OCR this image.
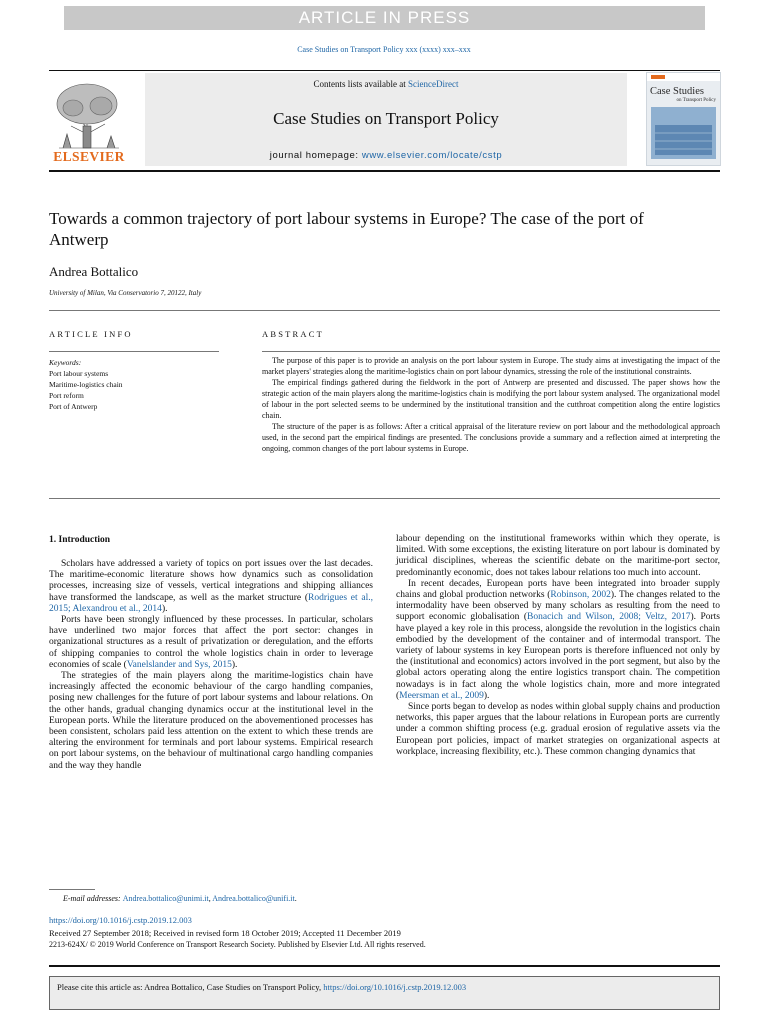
ARTICLE IN PRESS
Case Studies on Transport Policy xxx (xxxx) xxx–xxx
ELSEVIER
Contents lists available at ScienceDirect
Case Studies on Transport Policy
journal homepage: www.elsevier.com/locate/cstp
Case Studies
on Transport Policy
Towards a common trajectory of port labour systems in Europe? The case of the port of Antwerp
Andrea Bottalico
University of Milan, Via Conservatorio 7, 20122, Italy
ARTICLE INFO	ABSTRACT
Keywords:
Port labour systems
Maritime-logistics chain
Port reform
Port of Antwerp

The purpose of this paper is to provide an analysis on the port labour system in Europe. The study aims at investigating the impact of the market players' strategies along the maritime-logistics chain on port labour dynamics, stressing the role of the institutional constraints.

The empirical findings gathered during the fieldwork in the port of Antwerp are presented and discussed. The paper shows how the strategic action of the main players along the maritime-logistics chain is modifying the port labour system analysed. The organizational model of labour in the port selected seems to be undermined by the institutional transition and the cutthroat competition along the entire logistics chain.

The structure of the paper is as follows: After a critical appraisal of the literature review on port labour and the methodological approach used, in the second part the empirical findings are presented. The conclusions provide a summary and a reflection aimed at interpreting the ongoing, common changes of the port labour systems in Europe.

1. Introduction

Scholars have addressed a variety of topics on port issues over the last decades. The maritime-economic literature shows how dynamics such as consolidation processes, increasing size of vessels, vertical integrations and shipping alliances have transformed the landscape, as well as the market structure (Rodrigues et al., 2015; Alexandrou et al., 2014).

Ports have been strongly influenced by these processes. In particular, scholars have underlined two major forces that affect the port sector: changes in organizational structures as a result of privatization or deregulation, and the efforts of shipping companies to control the whole logistics chain in order to leverage economies of scale (Vanelslander and Sys, 2015).

The strategies of the main players along the maritime-logistics chain have increasingly affected the economic behaviour of the cargo handling companies, posing new challenges for the future of port labour systems and labour relations. On the other hands, gradual changing dynamics occur at the institutional level in the European ports. While the literature produced on the abovementioned processes has been consistent, scholars paid less attention on the extent to which these trends are altering the environment for terminals and port labour systems. Empirical research on port labour systems, on the behaviour of multinational cargo handling companies and the way they handle

labour depending on the institutional frameworks within which they operate, is limited. With some exceptions, the existing literature on port labour is dominated by juridical disciplines, whereas the scientific debate on the maritime-port sector, predominantly economic, does not takes labour relations too much into account.

In recent decades, European ports have been integrated into broader supply chains and global production networks (Robinson, 2002). The changes related to the intermodality have been observed by many scholars as resulting from the need to support economic globalisation (Bonacich and Wilson, 2008; Veltz, 2017). Ports have played a key role in this process, alongside the revolution in the logistics chain embodied by the development of the container and of intermodal transport. The variety of labour systems in key European ports is therefore influenced not only by the (institutional and economics) actors involved in the port segment, but also by the global actors operating along the entire logistics transport chain. The competition nowadays is in fact along the whole logistics chain, more and more integrated (Meersman et al., 2009).

Since ports began to develop as nodes within global supply chains and production networks, this paper argues that the labour relations in European ports are currently under a common shifting process (e.g. gradual erosion of regulative assets via the European port policies, impact of market strategies on organizational aspects at workplace, increasing flexibility, etc.). These common changing dynamics that

E-mail addresses: Andrea.bottalico@unimi.it, Andrea.bottalico@unifi.it.
https://doi.org/10.1016/j.cstp.2019.12.003
Received 27 September 2018; Received in revised form 18 October 2019; Accepted 11 December 2019
2213-624X/ © 2019 World Conference on Transport Research Society. Published by Elsevier Ltd. All rights reserved.
Please cite this article as: Andrea Bottalico, Case Studies on Transport Policy, https://doi.org/10.1016/j.cstp.2019.12.003
